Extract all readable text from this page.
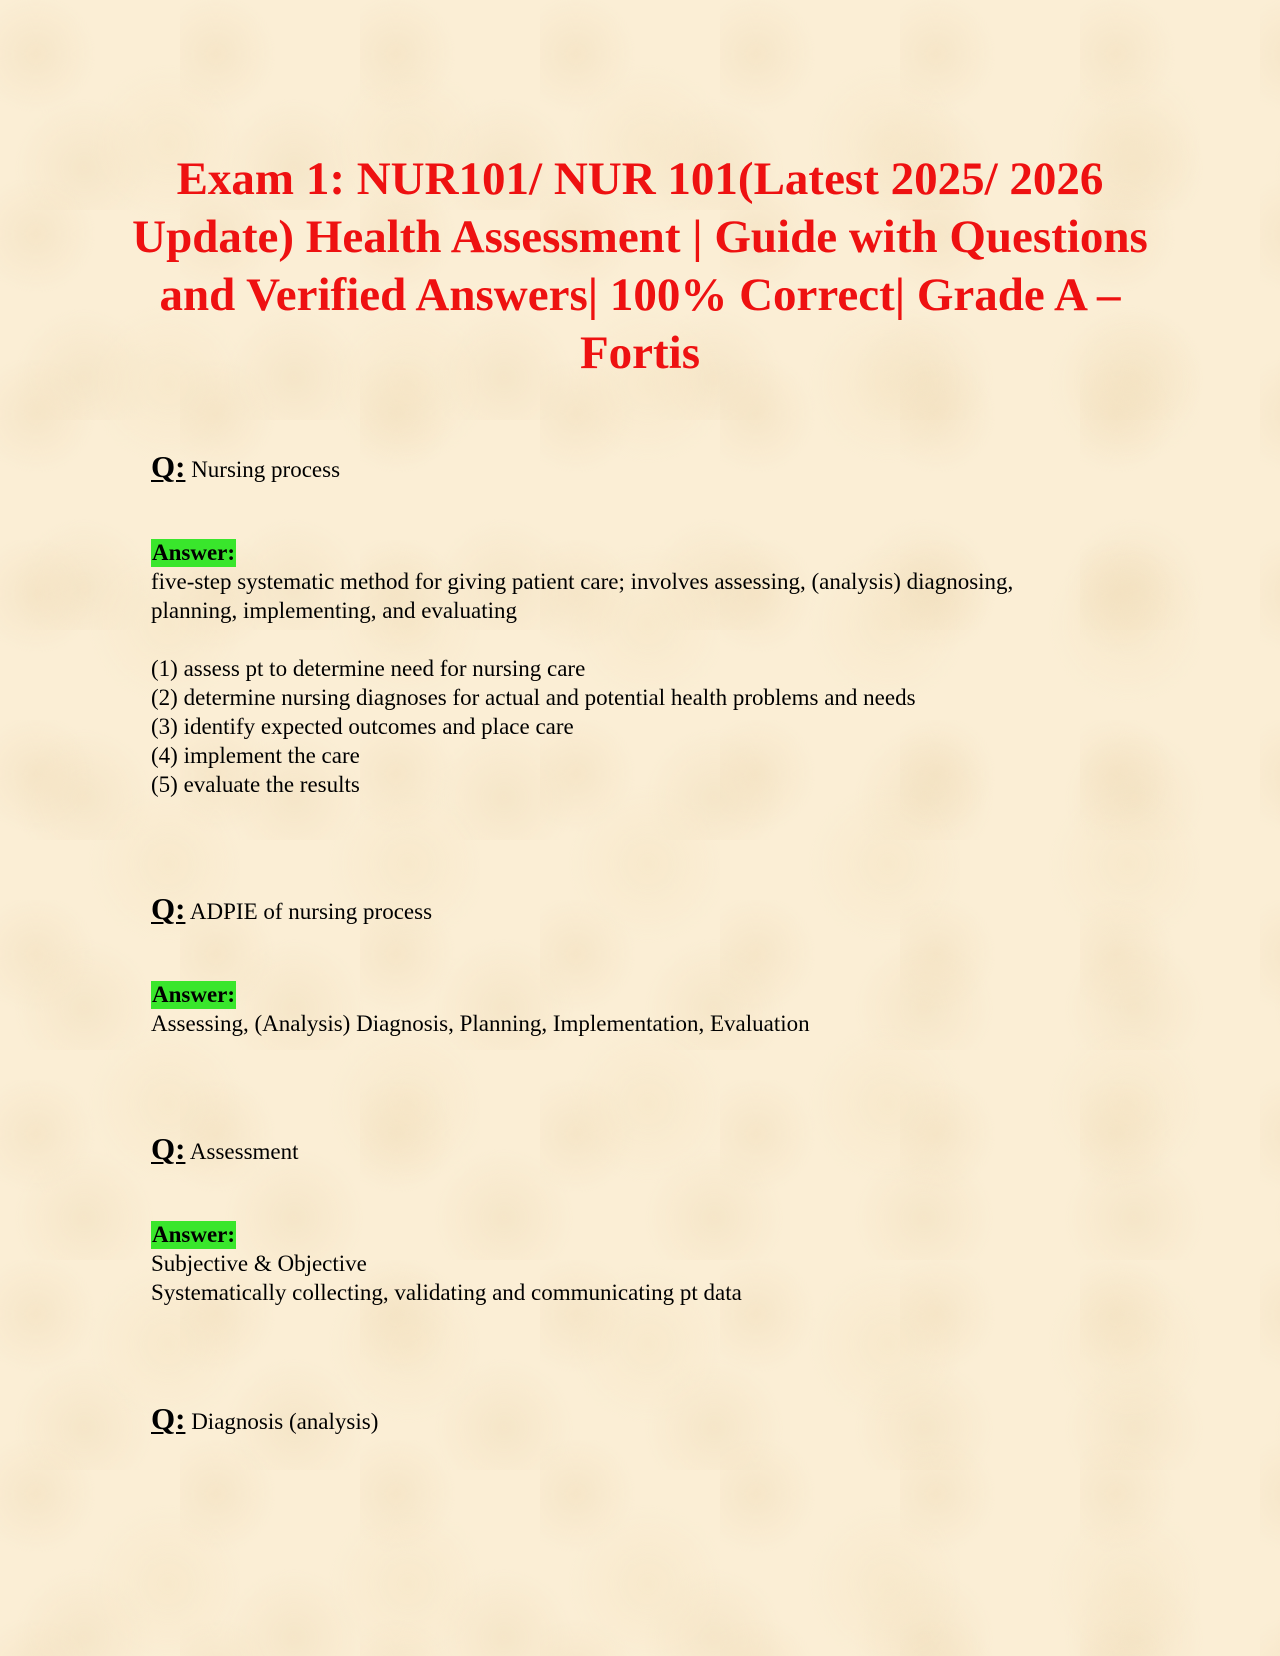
Exam 1: NUR101/ NUR 101(Latest 2025/ 2026 Update) Health Assessment | Guide with Questions and Verified Answers| 100% Correct| Grade A – Fortis
Q: Nursing process
Answer:

five-step systematic method for giving patient care; involves assessing, (analysis) diagnosing,

planning, implementing, and evaluating

(1) assess pt to determine need for nursing care

(2) determine nursing diagnoses for actual and potential health problems and needs

(3) identify expected outcomes and place care

(4) implement the care

(5) evaluate the results

Q: ADPIE of nursing process
Answer:

Assessing, (Analysis) Diagnosis, Planning, Implementation, Evaluation

Q: Assessment
Answer:

Subjective & Objective

Systematically collecting, validating and communicating pt data

Q: Diagnosis (analysis)
